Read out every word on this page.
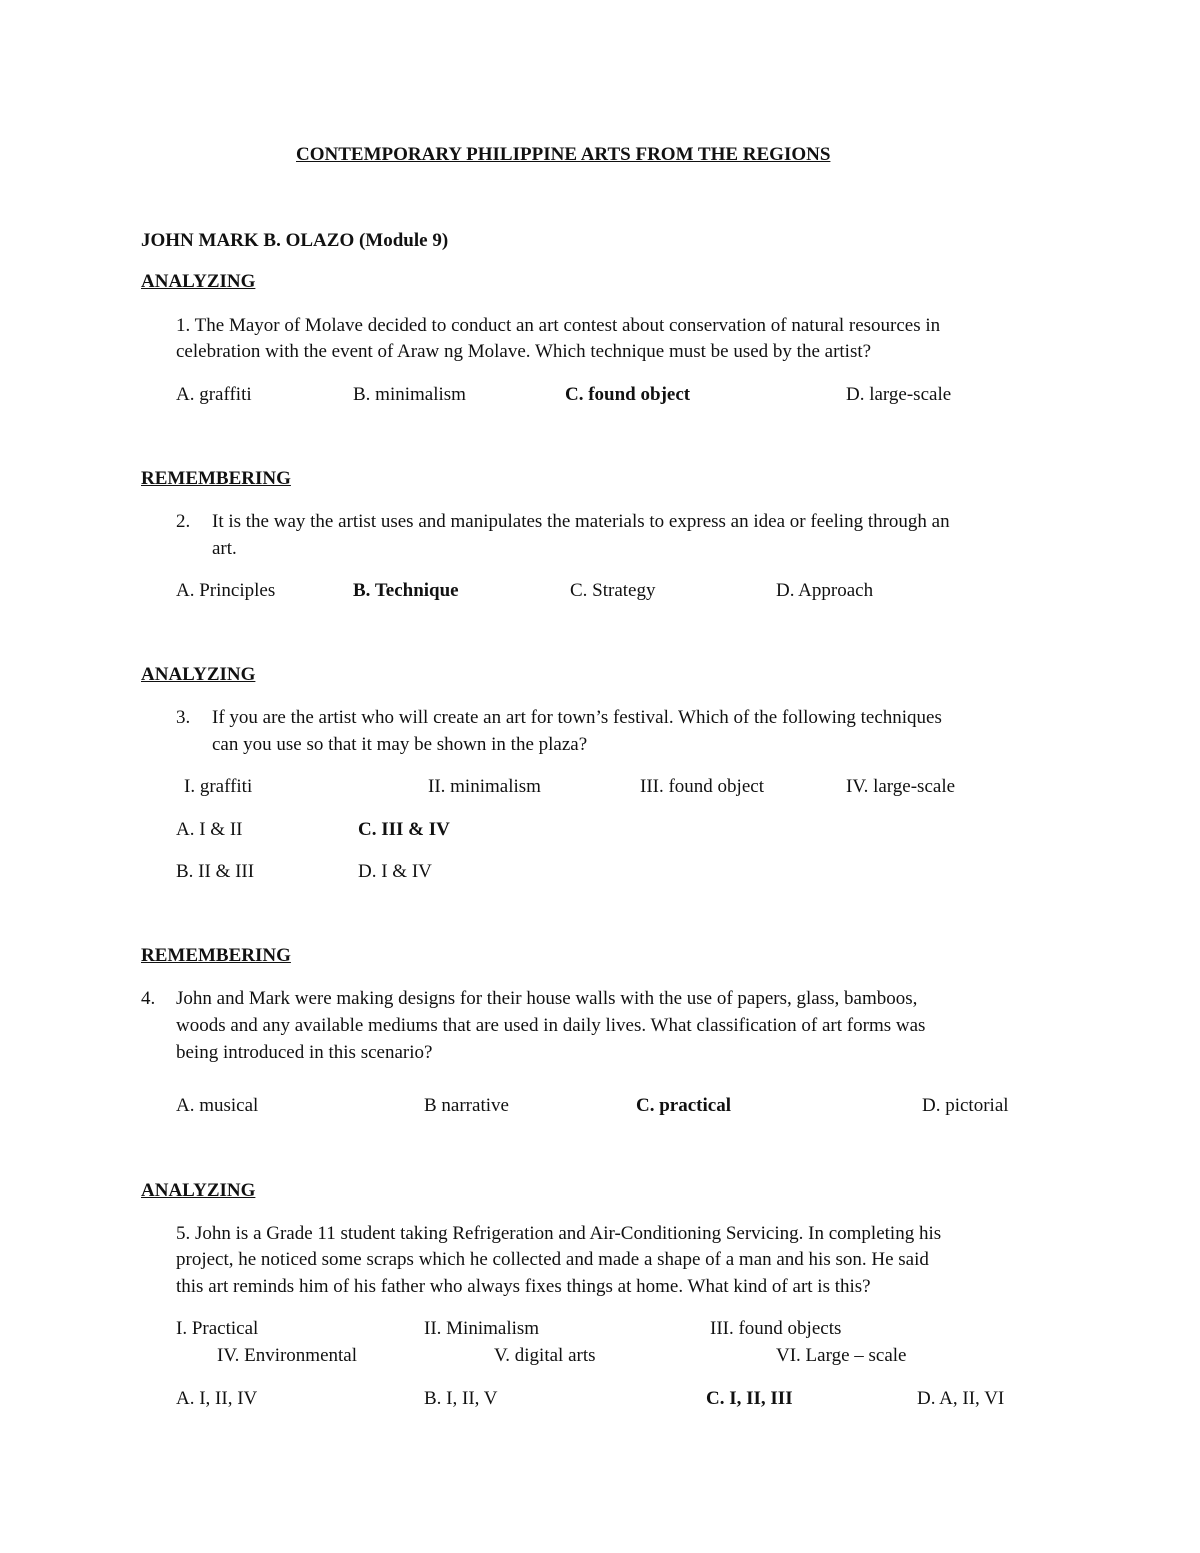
CONTEMPORARY PHILIPPINE ARTS FROM THE REGIONS
JOHN MARK B. OLAZO (Module 9)
ANALYZING
1. The Mayor of Molave decided to conduct an art contest about conservation of natural resources in
celebration with the event of Araw ng Molave. Which technique must be used by the artist?
A. graffiti	B. minimalism	C. found object	D. large-scale
REMEMBERING
2. It is the way the artist uses and manipulates the materials to express an idea or feeling through an
art.
A. Principles	B. Technique	C. Strategy	D. Approach
ANALYZING
3. If you are the artist who will create an art for town’s festival. Which of the following techniques
can you use so that it may be shown in the plaza?
I. graffiti	II. minimalism	III. found object	IV. large-scale
A. I & II	C. III & IV
B. II & III	D. I & IV
REMEMBERING
4. John and Mark were making designs for their house walls with the use of papers, glass, bamboos,
woods and any available mediums that are used in daily lives. What classification of art forms was
being introduced in this scenario?
A. musical	B narrative	C. practical	D. pictorial
ANALYZING
5. John is a Grade 11 student taking Refrigeration and Air-Conditioning Servicing. In completing his
project, he noticed some scraps which he collected and made a shape of a man and his son. He said
this art reminds him of his father who always fixes things at home. What kind of art is this?
I. Practical	II. Minimalism	III. found objects
IV. Environmental	V. digital arts	VI. Large – scale
A. I, II, IV	B. I, II, V	C. I, II, III	D. A, II, VI
